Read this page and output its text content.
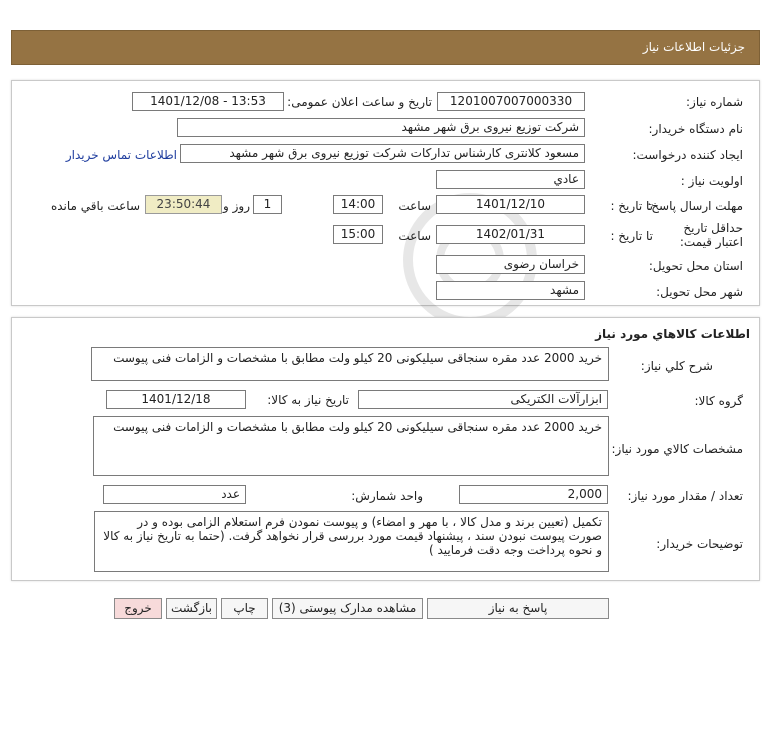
جزئیات اطلاعات نیاز
شماره نیاز:
1201007007000330
تاریخ و ساعت اعلان عمومی:
1401/12/08 - 13:53
نام دستگاه خریدار:
شرکت توزیع نیروی برق شهر مشهد
ایجاد کننده درخواست:
مسعود کلانتری کارشناس تدارکات شرکت توزیع نیروی برق شهر مشهد
اطلاعات تماس خریدار
اولویت نیاز :
عادي
مهلت ارسال پاسخ:
تا تاریخ :
1401/12/10
ساعت
14:00
1
روز و
23:50:44
ساعت باقي مانده
حداقل تاریخ اعتبار قیمت:
تا تاریخ :
1402/01/31
ساعت
15:00
استان محل تحویل:
خراسان رضوی
شهر محل تحویل:
مشهد
اطلاعات کالاهاي مورد نياز
شرح کلي نياز:
خرید 2000 عدد مقره سنجاقی سیلیکونی 20 کیلو ولت مطابق با مشخصات و الزامات فنی پیوست
گروه کالا:
ابزارآلات الکتریکی
تاریخ نیاز به کالا:
1401/12/18
مشخصات کالاي مورد نياز:
خرید 2000 عدد مقره سنجاقی سیلیکونی 20 کیلو ولت مطابق با مشخصات و الزامات فنی پیوست
تعداد / مقدار مورد نیاز:
2,000
واحد شمارش:
عدد
توضیحات خریدار:
تکمیل (تعیین برند و مدل کالا ، با مهر و امضاء) و پیوست نمودن فرم استعلام الزامی بوده و در صورت پیوست نبودن سند ، پیشنهاد قیمت مورد بررسی قرار نخواهد گرفت. (حتما به تاریخ نیاز به کالا و نحوه پرداخت وجه دقت فرمایید )
پاسخ به نیاز
مشاهده مدارک پیوستی (3)
چاپ
بازگشت
خروج
